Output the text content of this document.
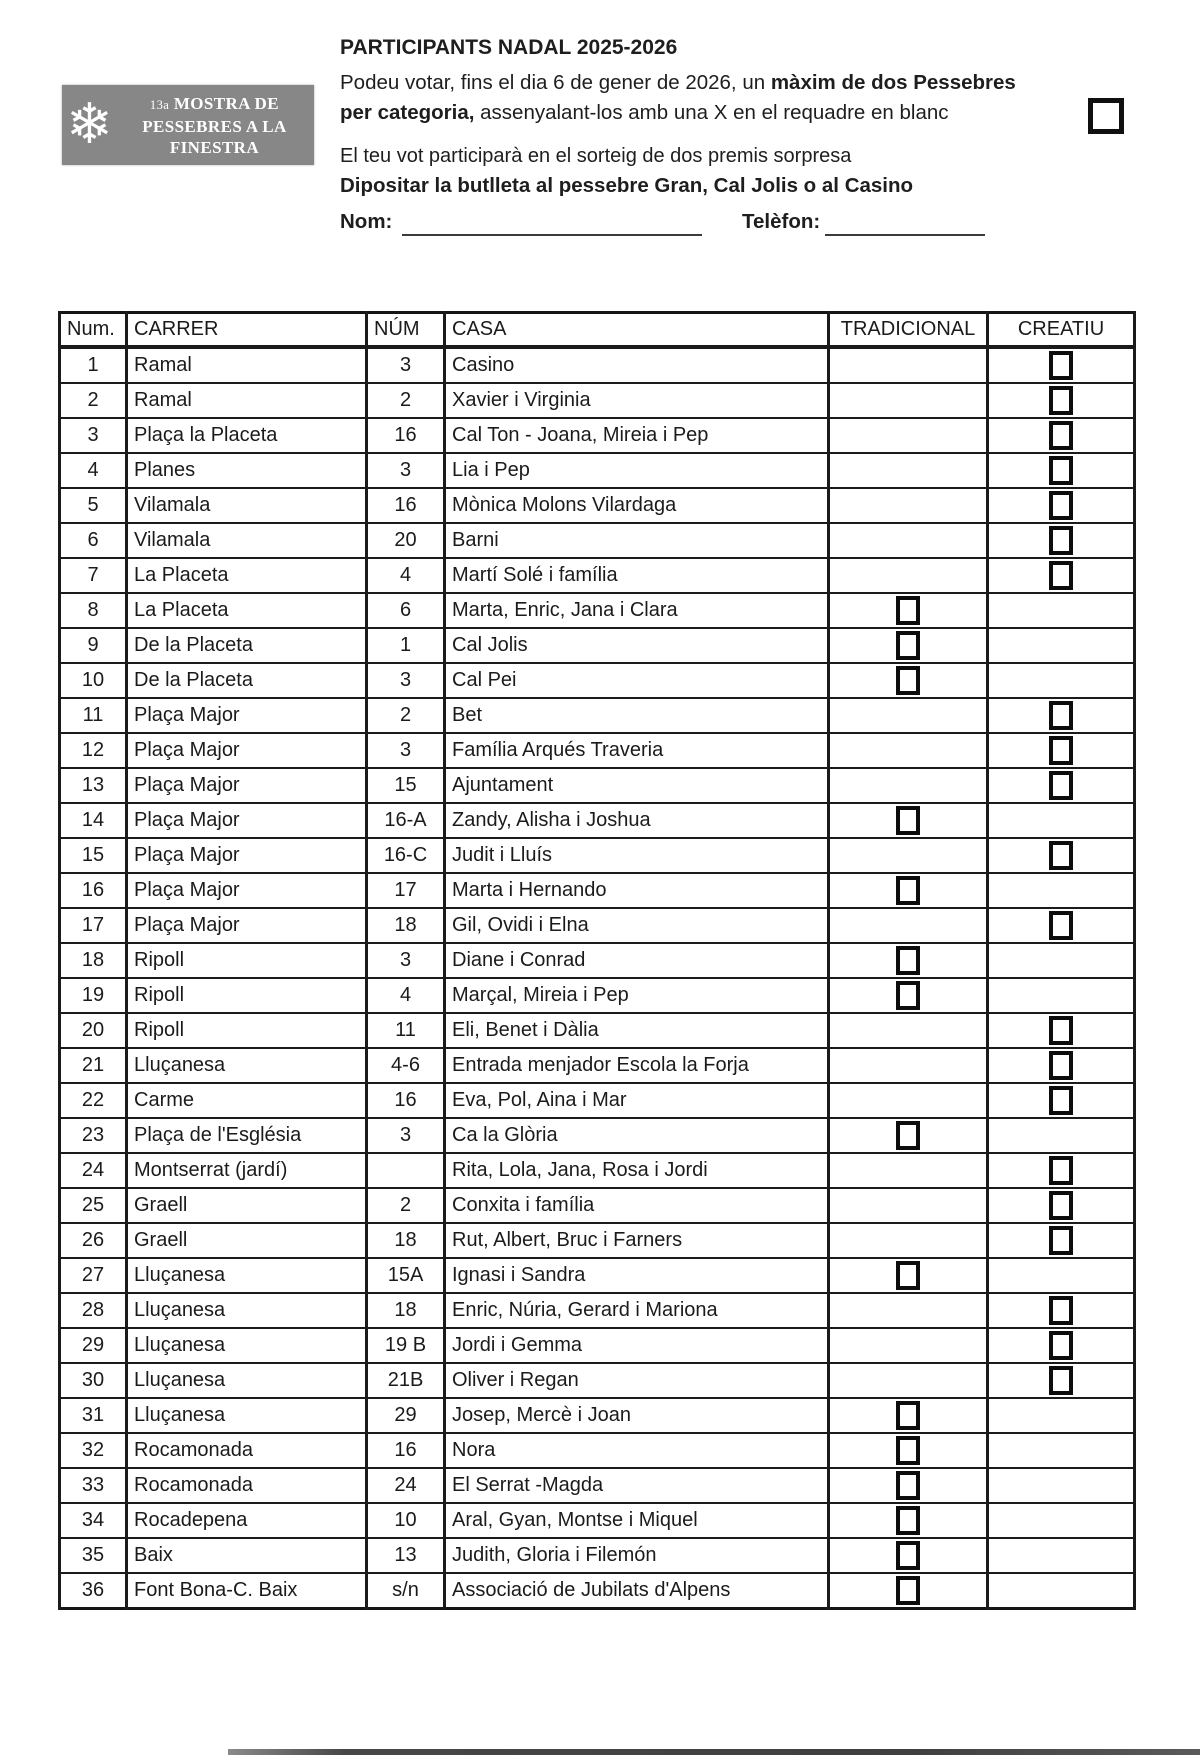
❄	13a MOSTRA DE
PESSEBRES A LA
FINESTRA
PARTICIPANTS NADAL 2025-2026

Podeu votar, fins el dia 6 de gener de 2026, un màxim de dos Pessebres
per categoria, assenyalant-los amb una X en el requadre en blanc

El teu vot participarà en el sorteig de dos premis sorpresa

Dipositar la butlleta al pessebre Gran, Cal Jolis o al Casino

Nom:	Telèfon:
Num.	CARRER	NÚM	CASA	TRADICIONAL	CREATIU
1	Ramal	3	Casino		

2	Ramal	2	Xavier i Virginia		

3	Plaça la Placeta	16	Cal Ton - Joana, Mireia i Pep		

4	Planes	3	Lia i Pep		

5	Vilamala	16	Mònica Molons Vilardaga		

6	Vilamala	20	Barni		

7	La Placeta	4	Martí Solé i família		

8	La Placeta	6	Marta, Enric, Jana i Clara	

9	De la Placeta	1	Cal Jolis	

10	De la Placeta	3	Cal Pei	

11	Plaça Major	2	Bet		

12	Plaça Major	3	Família Arqués Traveria		

13	Plaça Major	15	Ajuntament		

14	Plaça Major	16-A	Zandy, Alisha i Joshua	

15	Plaça Major	16-C	Judit i Lluís		

16	Plaça Major	17	Marta i Hernando	

17	Plaça Major	18	Gil, Ovidi i Elna		

18	Ripoll	3	Diane i Conrad	

19	Ripoll	4	Marçal, Mireia i Pep	

20	Ripoll	11	Eli, Benet i Dàlia		

21	Lluçanesa	4-6	Entrada menjador Escola la Forja		

22	Carme	16	Eva, Pol, Aina i Mar		

23	Plaça de l'Església	3	Ca la Glòria	

24	Montserrat (jardí)		Rita, Lola, Jana, Rosa i Jordi		

25	Graell	2	Conxita i família		

26	Graell	18	Rut, Albert, Bruc i Farners		

27	Lluçanesa	15A	Ignasi i Sandra	

28	Lluçanesa	18	Enric, Núria, Gerard i Mariona		

29	Lluçanesa	19 B	Jordi i Gemma		

30	Lluçanesa	21B	Oliver i Regan		

31	Lluçanesa	29	Josep, Mercè i Joan	

32	Rocamonada	16	Nora	

33	Rocamonada	24	El Serrat -Magda	

34	Rocadepena	10	Aral, Gyan, Montse i Miquel	

35	Baix	13	Judith, Gloria i Filemón	

36	Font Bona-C. Baix	s/n	Associació de Jubilats d'Alpens	
